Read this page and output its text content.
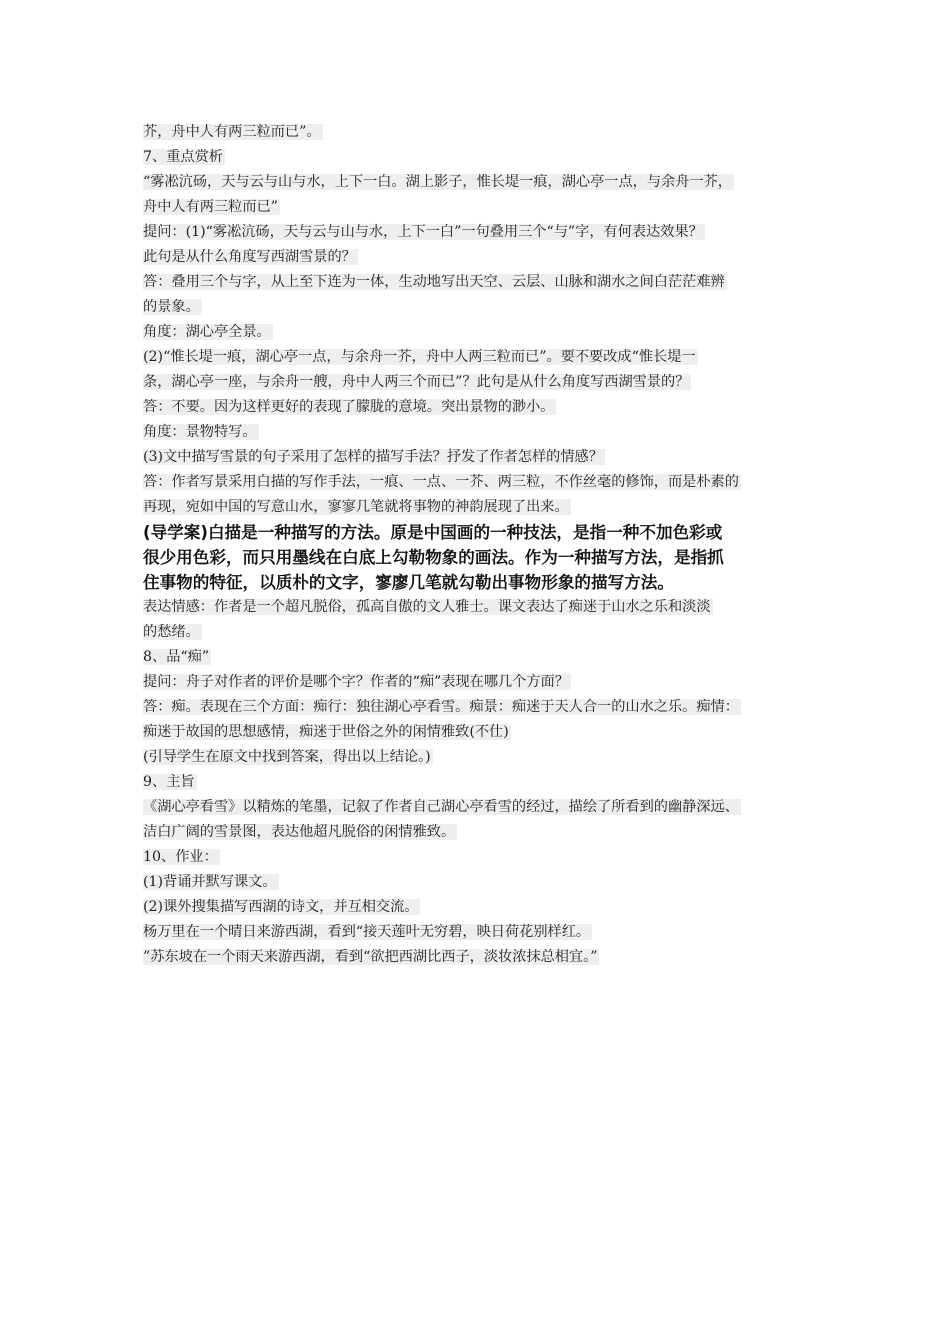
芥，舟中人有两三粒而已”。
7、重点赏析
“雾凇沆砀，天与云与山与水，上下一白。湖上影子，惟长堤一痕，湖心亭一点，与余舟一芥，
舟中人有两三粒而已”
提问：(1)“雾凇沆砀，天与云与山与水，上下一白”一句叠用三个“与”字，有何表达效果？
此句是从什么角度写西湖雪景的？
答：叠用三个与字，从上至下连为一体，生动地写出天空、云层、山脉和湖水之间白茫茫难辨
的景象。
角度：湖心亭全景。
(2)“惟长堤一痕，湖心亭一点，与余舟一芥，舟中人两三粒而已”。要不要改成“惟长堤一
条，湖心亭一座，与余舟一艘，舟中人两三个而已”？此句是从什么角度写西湖雪景的？
答：不要。因为这样更好的表现了朦胧的意境。突出景物的渺小。
角度：景物特写。
(3)文中描写雪景的句子采用了怎样的描写手法？抒发了作者怎样的情感？
答：作者写景采用白描的写作手法，一痕、一点、一芥、两三粒，不作丝毫的修饰，而是朴素的
再现，宛如中国的写意山水，寥寥几笔就将事物的神韵展现了出来。
(导学案)白描是一种描写的方法。原是中国画的一种技法，是指一种不加色彩或
很少用色彩，而只用墨线在白底上勾勒物象的画法。作为一种描写方法，是指抓
住事物的特征，以质朴的文字，寥廖几笔就勾勒出事物形象的描写方法。
表达情感：作者是一个超凡脱俗，孤高自傲的文人雅士。课文表达了痴迷于山水之乐和淡淡
的愁绪。
8、品“痴”
提问：舟子对作者的评价是哪个字？作者的“痴”表现在哪几个方面？
答：痴。表现在三个方面：痴行：独往湖心亭看雪。痴景：痴迷于天人合一的山水之乐。痴情：
痴迷于故国的思想感情，痴迷于世俗之外的闲情雅致(不仕)
(引导学生在原文中找到答案，得出以上结论。)
9、主旨
《湖心亭看雪》以精炼的笔墨，记叙了作者自己湖心亭看雪的经过，描绘了所看到的幽静深远、
洁白广阔的雪景图，表达他超凡脱俗的闲情雅致。
10、作业：
(1)背诵并默写课文。
(2)课外搜集描写西湖的诗文，并互相交流。
杨万里在一个晴日来游西湖，看到“接天莲叶无穷碧，映日荷花别样红。
”苏东坡在一个雨天来游西湖，看到“欲把西湖比西子，淡妆浓抹总相宜。”
